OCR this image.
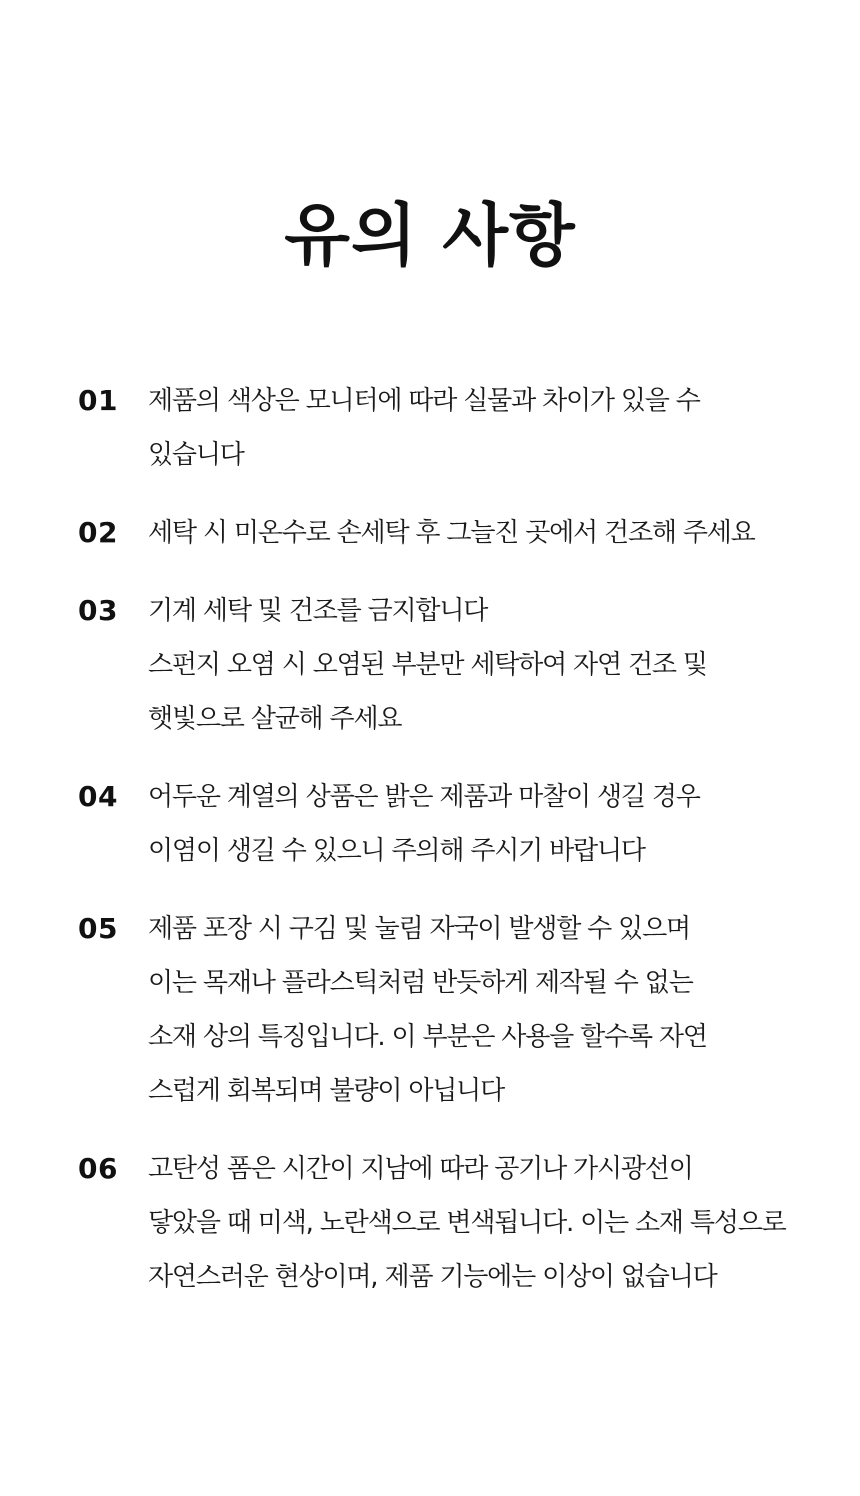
유의 사항
01	제품의 색상은 모니터에 따라 실물과 차이가 있을 수
있습니다
02	세탁 시 미온수로 손세탁 후 그늘진 곳에서 건조해 주세요
03	기계 세탁 및 건조를 금지합니다
스펀지 오염 시 오염된 부분만 세탁하여 자연 건조 및
햇빛으로 살균해 주세요
04	어두운 계열의 상품은 밝은 제품과 마찰이 생길 경우
이염이 생길 수 있으니 주의해 주시기 바랍니다
05	제품 포장 시 구김 및 눌림 자국이 발생할 수 있으며
이는 목재나 플라스틱처럼 반듯하게 제작될 수 없는
소재 상의 특징입니다. 이 부분은 사용을 할수록 자연
스럽게 회복되며 불량이 아닙니다
06	고탄성 폼은 시간이 지남에 따라 공기나 가시광선이
닿았을 때 미색, 노란색으로 변색됩니다. 이는 소재 특성으로
자연스러운 현상이며, 제품 기능에는 이상이 없습니다
